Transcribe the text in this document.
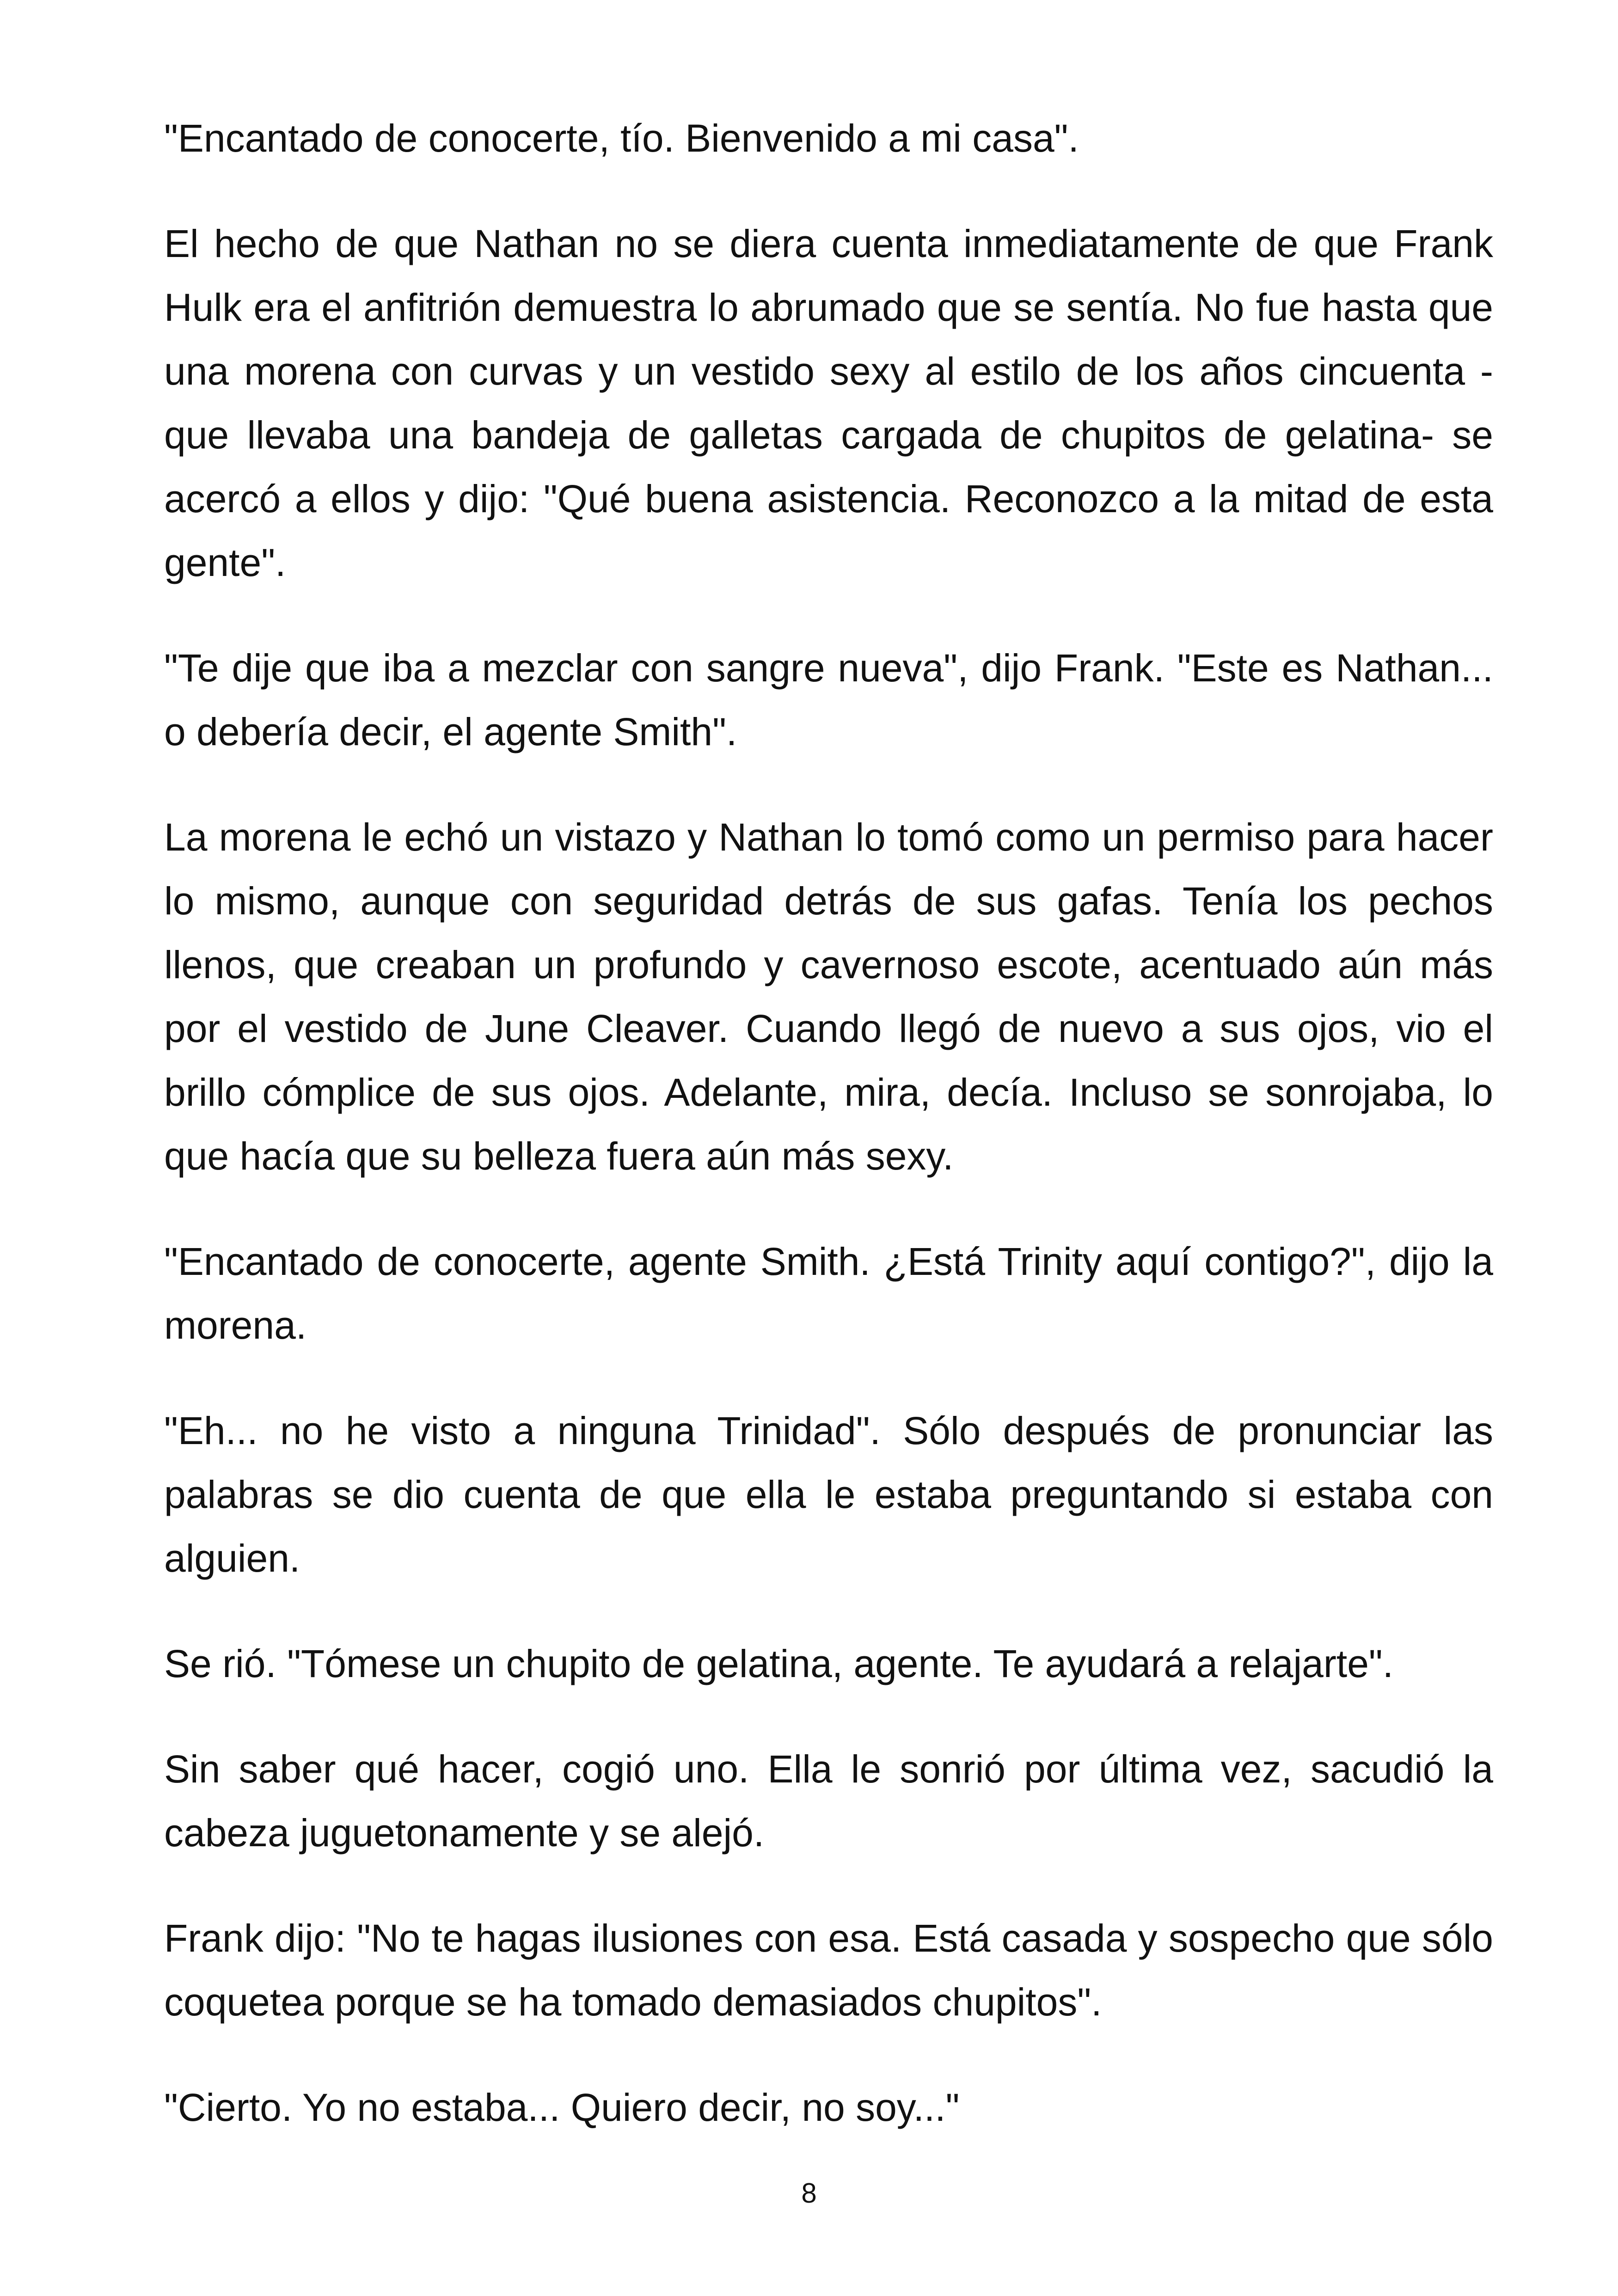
"Encantado de conocerte, tío. Bienvenido a mi casa".

El hecho de que Nathan no se diera cuenta inmediatamente de que Frank Hulk era el anfitrión demuestra lo abrumado que se sentía. No fue hasta que una morena con curvas y un vestido sexy al estilo de los años cincuenta -que llevaba una bandeja de galletas cargada de chupitos de gelatina- se acercó a ellos y dijo: "Qué buena asistencia. Reconozco a la mitad de esta gente".

"Te dije que iba a mezclar con sangre nueva", dijo Frank. "Este es Nathan... o debería decir, el agente Smith".

La morena le echó un vistazo y Nathan lo tomó como un permiso para hacer lo mismo, aunque con seguridad detrás de sus gafas. Tenía los pechos llenos, que creaban un profundo y cavernoso escote, acentuado aún más por el vestido de June Cleaver. Cuando llegó de nuevo a sus ojos, vio el brillo cómplice de sus ojos. Adelante, mira, decía. Incluso se sonrojaba, lo que hacía que su belleza fuera aún más sexy.

"Encantado de conocerte, agente Smith. ¿Está Trinity aquí contigo?", dijo la morena.

"Eh... no he visto a ninguna Trinidad". Sólo después de pronunciar las palabras se dio cuenta de que ella le estaba preguntando si estaba con alguien.

Se rió. "Tómese un chupito de gelatina, agente. Te ayudará a relajarte".

Sin saber qué hacer, cogió uno. Ella le sonrió por última vez, sacudió la cabeza juguetonamente y se alejó.

Frank dijo: "No te hagas ilusiones con esa. Está casada y sospecho que sólo coquetea porque se ha tomado demasiados chupitos".

"Cierto. Yo no estaba... Quiero decir, no soy..."

8
